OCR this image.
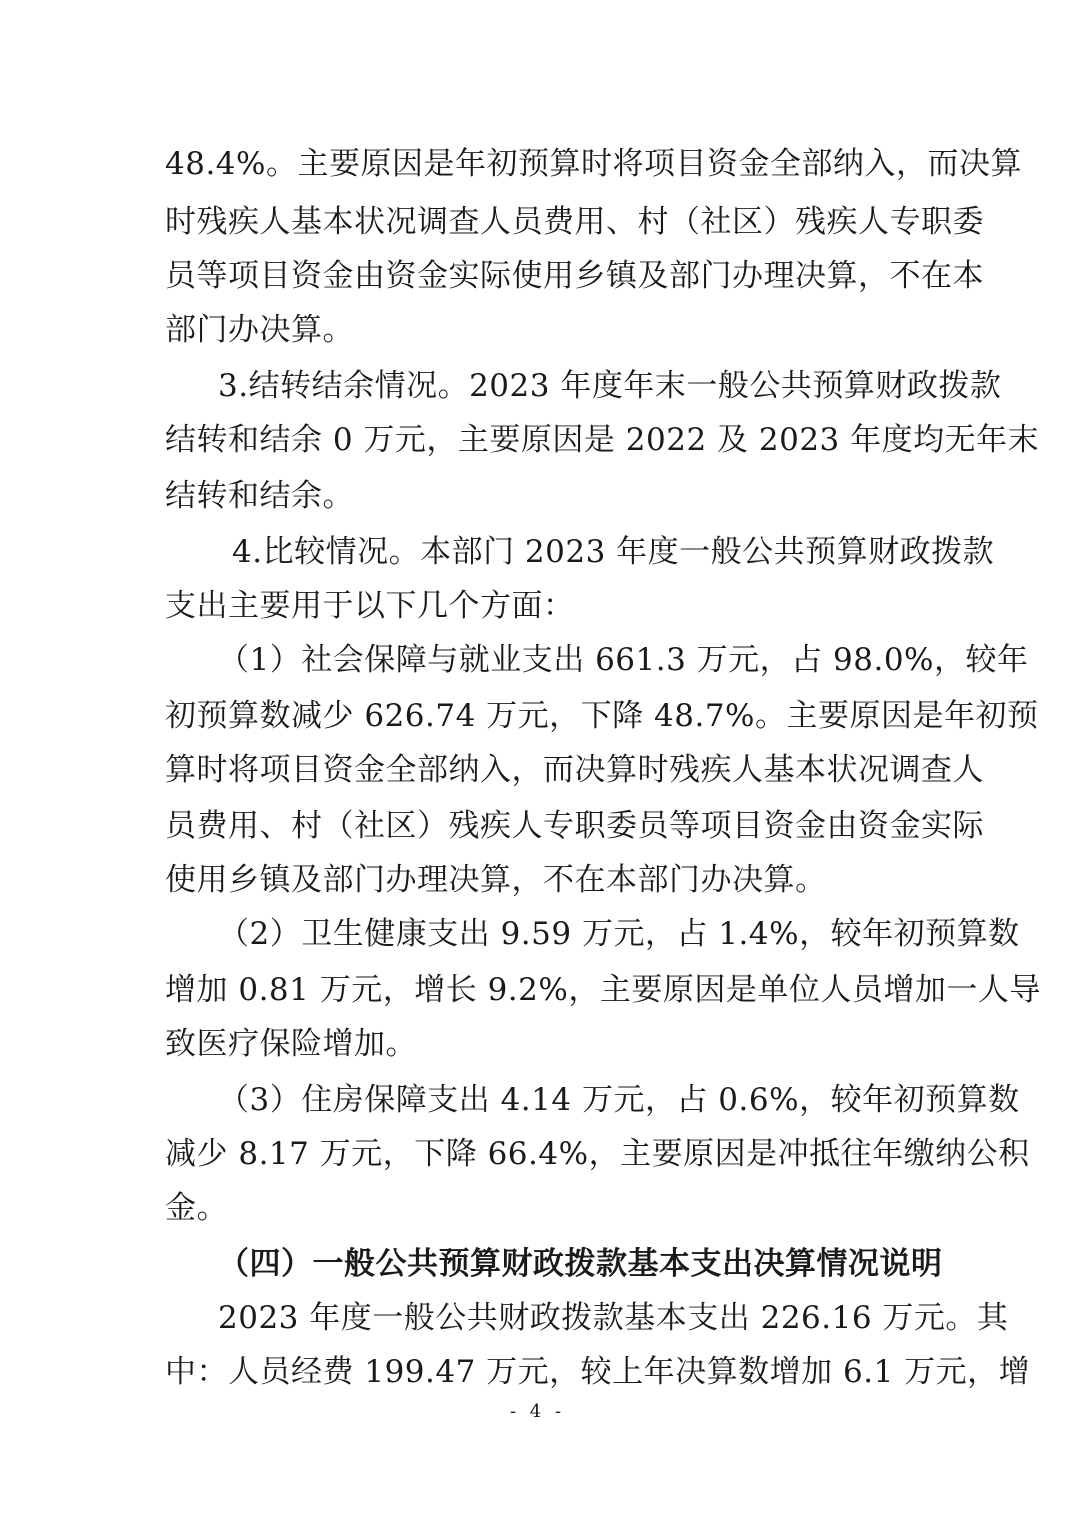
48.4%。主要原因是年初预算时将项目资金全部纳入，而决算
时残疾人基本状况调查人员费用、村（社区）残疾人专职委
员等项目资金由资金实际使用乡镇及部门办理决算，不在本
部门办决算。
3.结转结余情况。2023 年度年末一般公共预算财政拨款
结转和结余 0 万元，主要原因是 2022 及 2023 年度均无年末
结转和结余。
4.比较情况。本部门 2023 年度一般公共预算财政拨款
支出主要用于以下几个方面：
（1）社会保障与就业支出 661.3 万元，占 98.0%，较年
初预算数减少 626.74 万元，下降 48.7%。主要原因是年初预
算时将项目资金全部纳入，而决算时残疾人基本状况调查人
员费用、村（社区）残疾人专职委员等项目资金由资金实际
使用乡镇及部门办理决算，不在本部门办决算。
（2）卫生健康支出 9.59 万元，占 1.4%，较年初预算数
增加 0.81 万元，增长 9.2%，主要原因是单位人员增加一人导
致医疗保险增加。
（3）住房保障支出 4.14 万元，占 0.6%，较年初预算数
减少 8.17 万元，下降 66.4%，主要原因是冲抵往年缴纳公积
金。
（四）一般公共预算财政拨款基本支出决算情况说明
2023 年度一般公共财政拨款基本支出 226.16 万元。其
中：人员经费 199.47 万元，较上年决算数增加 6.1 万元，增
- 4 -
